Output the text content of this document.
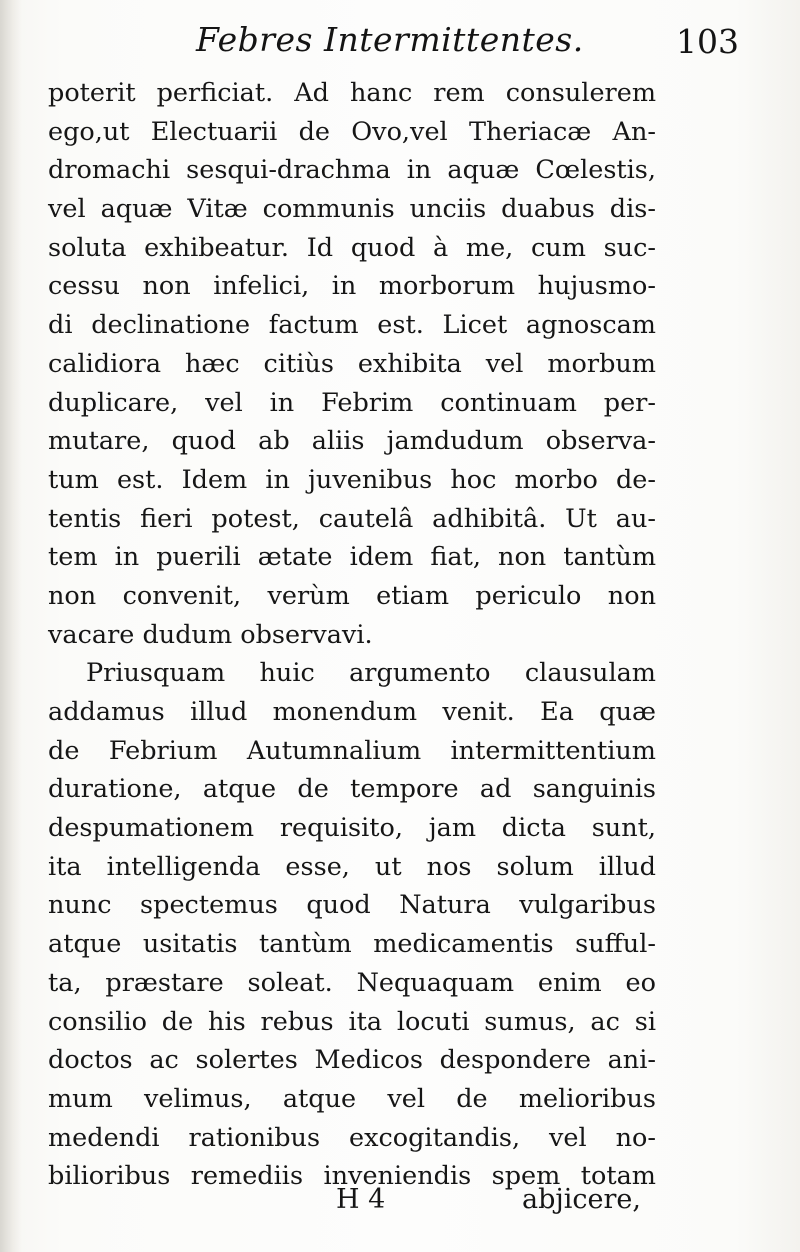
Febres Intermittentes.	103
poterit perficiat. Ad hanc rem consulerem
ego,ut Electuarii de Ovo,vel Theriacæ An-
dromachi sesqui-drachma in aquæ Cœlestis,
vel aquæ Vitæ communis unciis duabus dis-
soluta exhibeatur. Id quod à me, cum suc-
cessu non infelici, in morborum hujusmo-
di declinatione factum est. Licet agnoscam
calidiora hæc citiùs exhibita vel morbum
duplicare, vel in Febrim continuam per-
mutare, quod ab aliis jamdudum observa-
tum est. Idem in juvenibus hoc morbo de-
tentis fieri potest, cautelâ adhibitâ. Ut au-
tem in puerili ætate idem fiat, non tantùm
non convenit, verùm etiam periculo non
vacare dudum observavi.
Priusquam huic argumento clausulam
addamus illud monendum venit. Ea quæ
de Febrium Autumnalium intermittentium
duratione, atque de tempore ad sanguinis
despumationem requisito, jam dicta sunt,
ita intelligenda esse, ut nos solum illud
nunc spectemus quod Natura vulgaribus
atque usitatis tantùm medicamentis sufful-
ta, præstare soleat. Nequaquam enim eo
consilio de his rebus ita locuti sumus, ac si
doctos ac solertes Medicos despondere ani-
mum velimus, atque vel de melioribus
medendi rationibus excogitandis, vel no-
bilioribus remediis inveniendis spem totam
H 4	abjicere,
